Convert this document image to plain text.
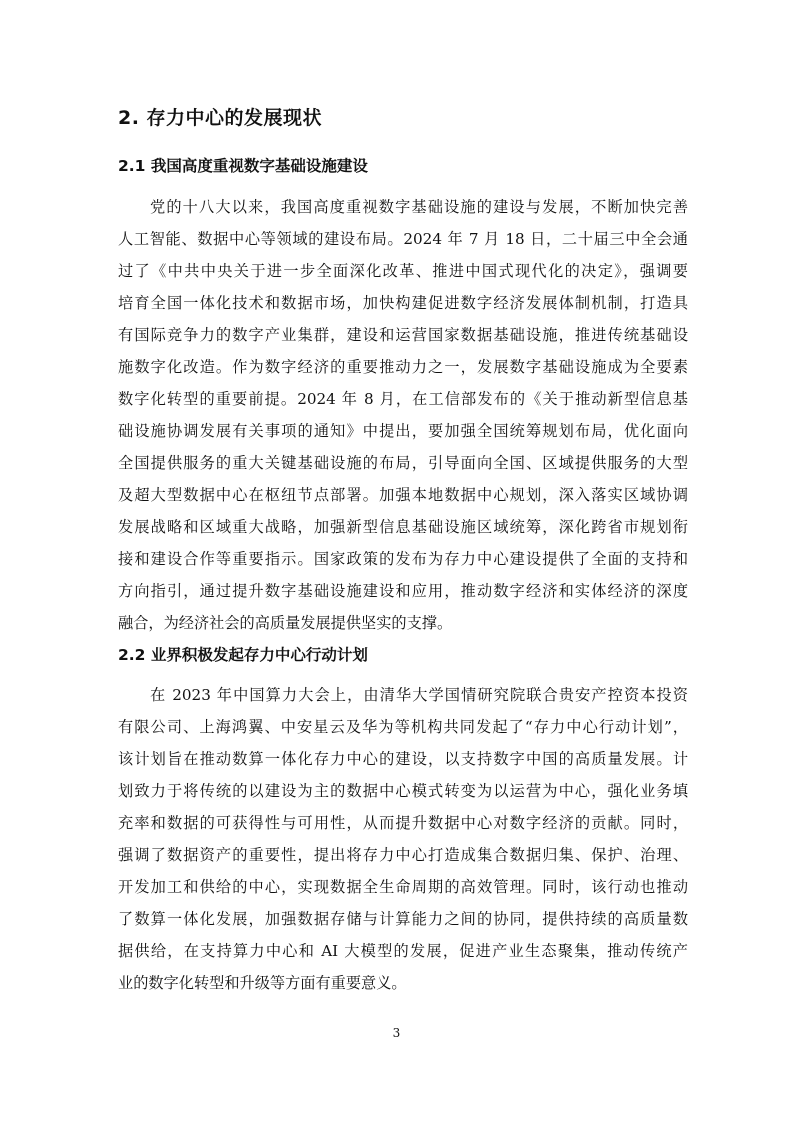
2. 存力中心的发展现状
2.1 我国高度重视数字基础设施建设
党的十八大以来，我国高度重视数字基础设施的建设与发展，不断加快完善
人工智能、数据中心等领域的建设布局。2024 年 7 月 18 日，二十届三中全会通
过了《中共中央关于进一步全面深化改革、推进中国式现代化的决定》，强调要
培育全国一体化技术和数据市场，加快构建促进数字经济发展体制机制，打造具
有国际竞争力的数字产业集群，建设和运营国家数据基础设施，推进传统基础设
施数字化改造。作为数字经济的重要推动力之一，发展数字基础设施成为全要素
数字化转型的重要前提。2024 年 8 月，在工信部发布的《关于推动新型信息基
础设施协调发展有关事项的通知》中提出，要加强全国统筹规划布局，优化面向
全国提供服务的重大关键基础设施的布局，引导面向全国、区域提供服务的大型
及超大型数据中心在枢纽节点部署。加强本地数据中心规划，深入落实区域协调
发展战略和区域重大战略，加强新型信息基础设施区域统筹，深化跨省市规划衔
接和建设合作等重要指示。国家政策的发布为存力中心建设提供了全面的支持和
方向指引，通过提升数字基础设施建设和应用，推动数字经济和实体经济的深度
融合，为经济社会的高质量发展提供坚实的支撑。
2.2 业界积极发起存力中心行动计划
在 2023 年中国算力大会上，由清华大学国情研究院联合贵安产控资本投资
有限公司、上海鸿翼、中安星云及华为等机构共同发起了“存力中心行动计划”，
该计划旨在推动数算一体化存力中心的建设，以支持数字中国的高质量发展。计
划致力于将传统的以建设为主的数据中心模式转变为以运营为中心，强化业务填
充率和数据的可获得性与可用性，从而提升数据中心对数字经济的贡献。同时，
强调了数据资产的重要性，提出将存力中心打造成集合数据归集、保护、治理、
开发加工和供给的中心，实现数据全生命周期的高效管理。同时，该行动也推动
了数算一体化发展，加强数据存储与计算能力之间的协同，提供持续的高质量数
据供给，在支持算力中心和 AI 大模型的发展，促进产业生态聚集，推动传统产
业的数字化转型和升级等方面有重要意义。
3
